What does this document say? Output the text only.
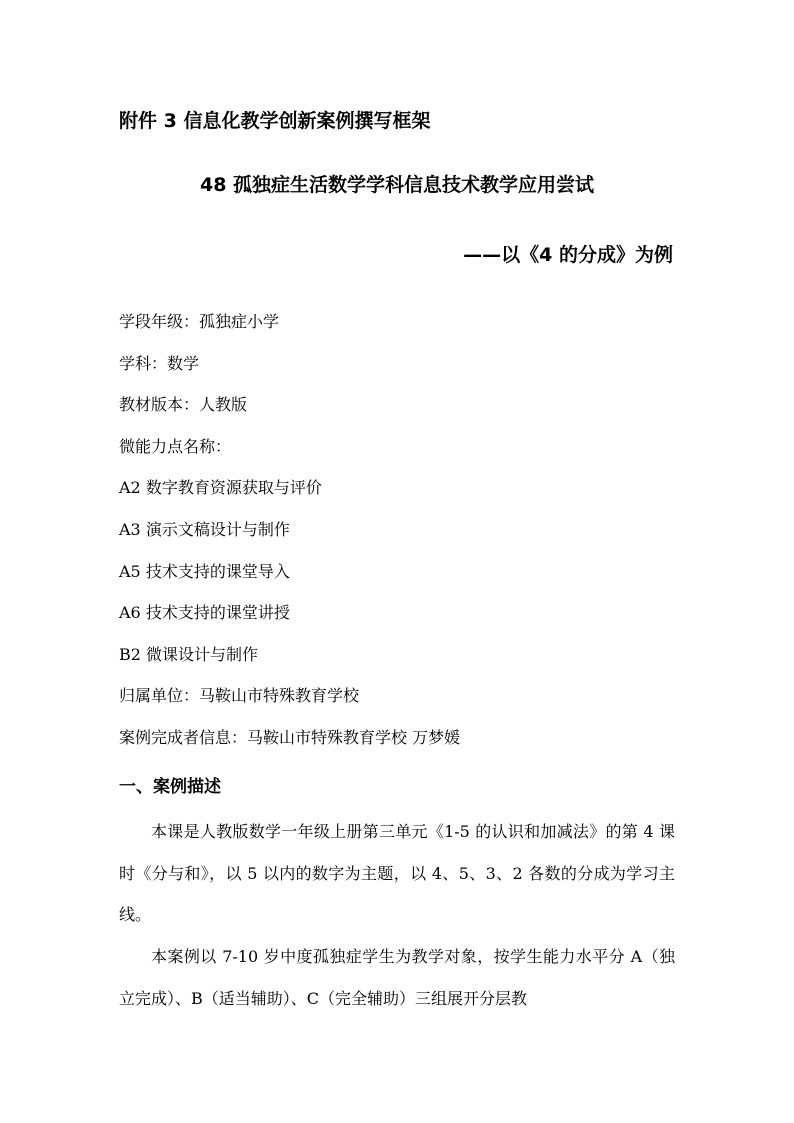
附件 3 信息化教学创新案例撰写框架
48 孤独症生活数学学科信息技术教学应用尝试
——以《4 的分成》为例
学段年级：孤独症小学
学科：数学
教材版本：人教版
微能力点名称：
A2 数字教育资源获取与评价
A3 演示文稿设计与制作
A5 技术支持的课堂导入
A6 技术支持的课堂讲授
B2 微课设计与制作
归属单位：马鞍山市特殊教育学校
案例完成者信息：马鞍山市特殊教育学校 万梦媛
一、案例描述

本课是人教版数学一年级上册第三单元《1-5 的认识和加减法》的第 4 课时《分与和》，以 5 以内的数字为主题，以 4、5、3、2 各数的分成为学习主线。

本案例以 7-10 岁中度孤独症学生为教学对象，按学生能力水平分 A（独立完成）、B（适当辅助）、C（完全辅助）三组展开分层教
